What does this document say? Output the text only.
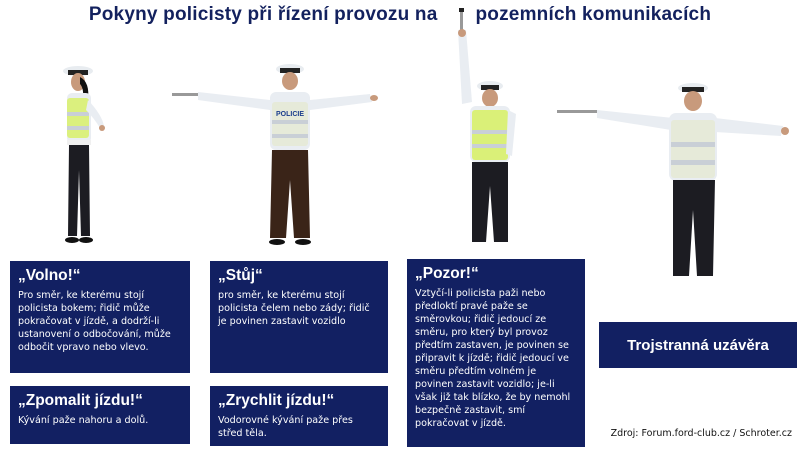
Pokyny policisty při řízení provozu na pozemních komunikacích
POLICIE
„Volno!“
Pro směr, ke kterému stojí policista bokem; řidič může pokračovat v jízdě, a dodrží-li ustanovení o odbočování, může odbočit vpravo nebo vlevo.
„Stůj“
pro směr, ke kterému stojí policista čelem nebo zády; řidič je povinen zastavit vozidlo
„Pozor!“
Vztyčí-li policista paži nebo předloktí pravé paže se směrovkou; řidič jedoucí ze směru, pro který byl provoz předtím zastaven, je povinen se připravit k jízdě; řidič jedoucí ve směru předtím volném je povinen zastavit vozidlo; je-li však již tak blízko, že by nemohl bezpečně zastavit, smí pokračovat v jízdě.
Trojstranná uzávěra
„Zpomalit jízdu!“
Kývání paže nahoru a dolů.
„Zrychlit jízdu!“
Vodorovné kývání paže přes střed těla.	Zdroj: Forum.ford-club.cz / Schroter.cz
